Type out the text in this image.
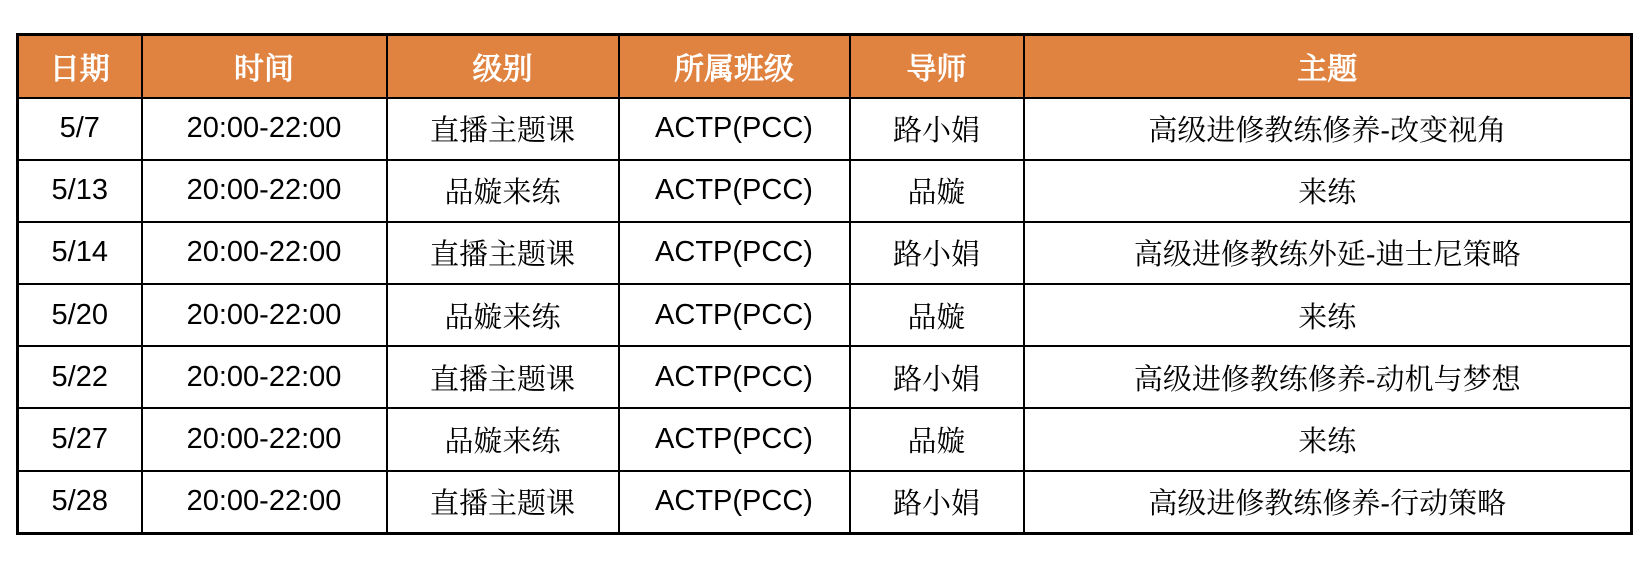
日期	时间	级别	所属班级	导师	主题
5/7	20:00-22:00	直播主题课	ACTP(PCC)	路小娟	高级进修教练修养-改变视角
5/13	20:00-22:00	品嫙来练	ACTP(PCC)	品嫙	来练
5/14	20:00-22:00	直播主题课	ACTP(PCC)	路小娟	高级进修教练外延-迪士尼策略
5/20	20:00-22:00	品嫙来练	ACTP(PCC)	品嫙	来练
5/22	20:00-22:00	直播主题课	ACTP(PCC)	路小娟	高级进修教练修养-动机与梦想
5/27	20:00-22:00	品嫙来练	ACTP(PCC)	品嫙	来练
5/28	20:00-22:00	直播主题课	ACTP(PCC)	路小娟	高级进修教练修养-行动策略
